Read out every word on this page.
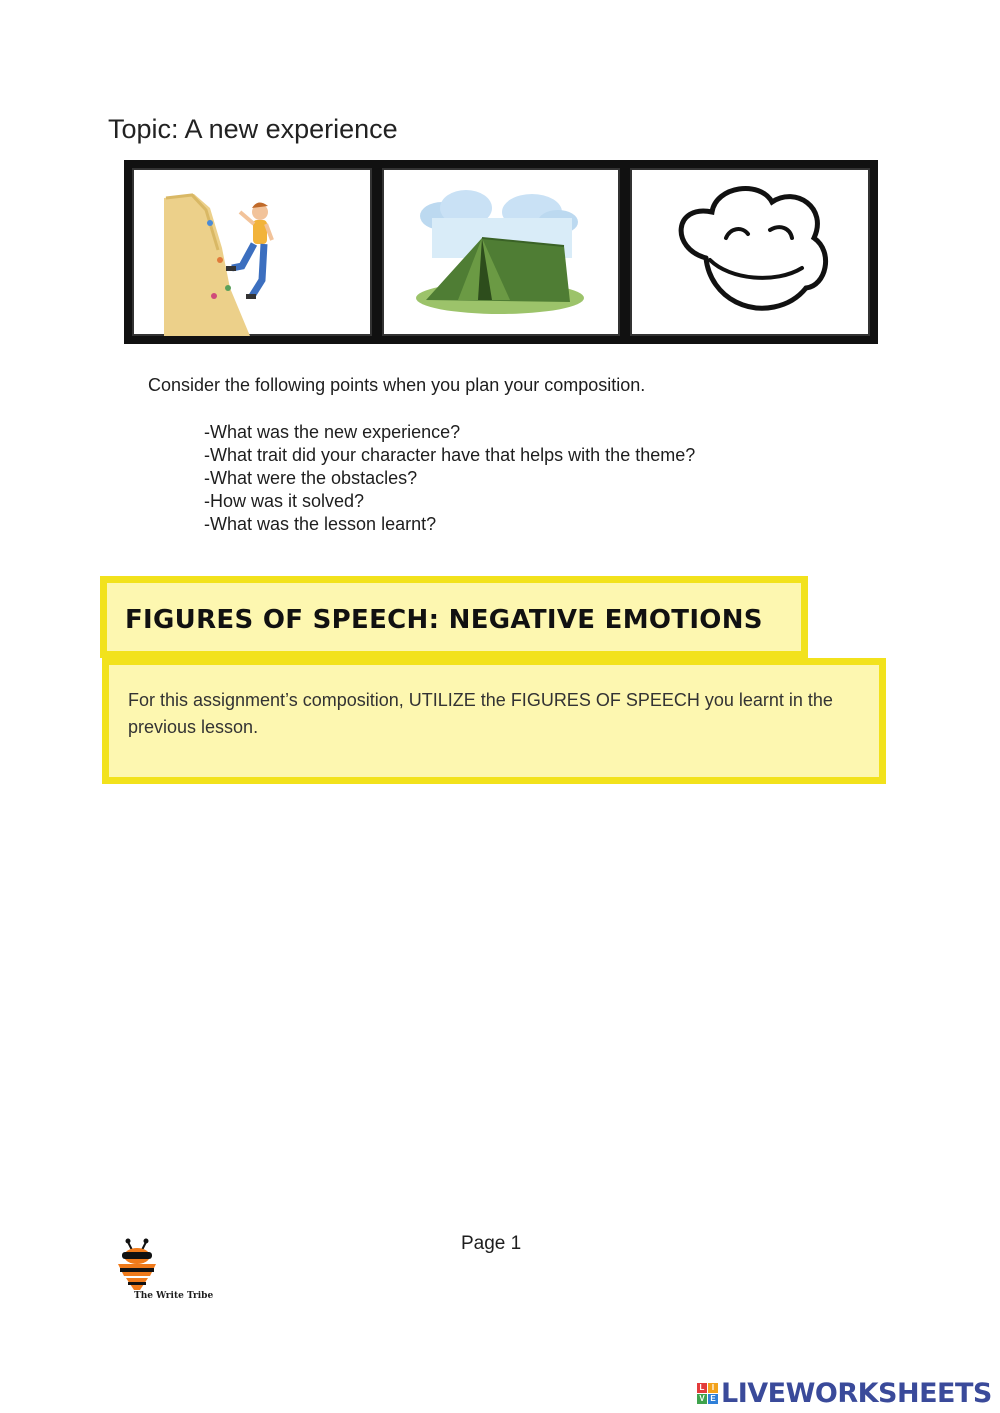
Topic: A new experience
Consider the following points when you plan your composition.
-What was the new experience?
-What trait did your character have that helps with the theme?
-What were the obstacles?
-How was it solved?
-What was the lesson learnt?
FIGURES OF SPEECH: NEGATIVE EMOTIONS
For this assignment’s composition, UTILIZE the FIGURES OF SPEECH you learnt in the previous lesson.
Page 1
The Write Tribe
L I
V E LIVEWORKSHEETS
